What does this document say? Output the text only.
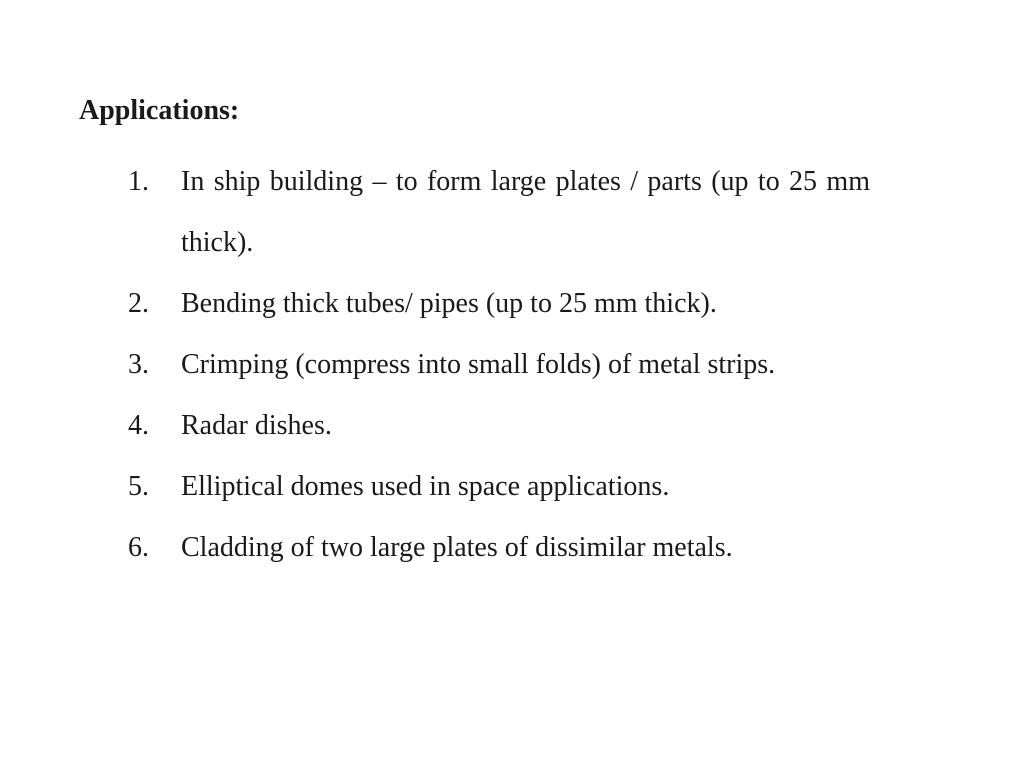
Applications:
1.	In ship building – to form large plates / parts (up to 25 mm thick).
2.	Bending thick tubes/ pipes (up to 25 mm thick).
3.	Crimping (compress into small folds) of metal strips.
4.	Radar dishes.
5.	Elliptical domes used in space applications.
6.	Cladding of two large plates of dissimilar metals.
